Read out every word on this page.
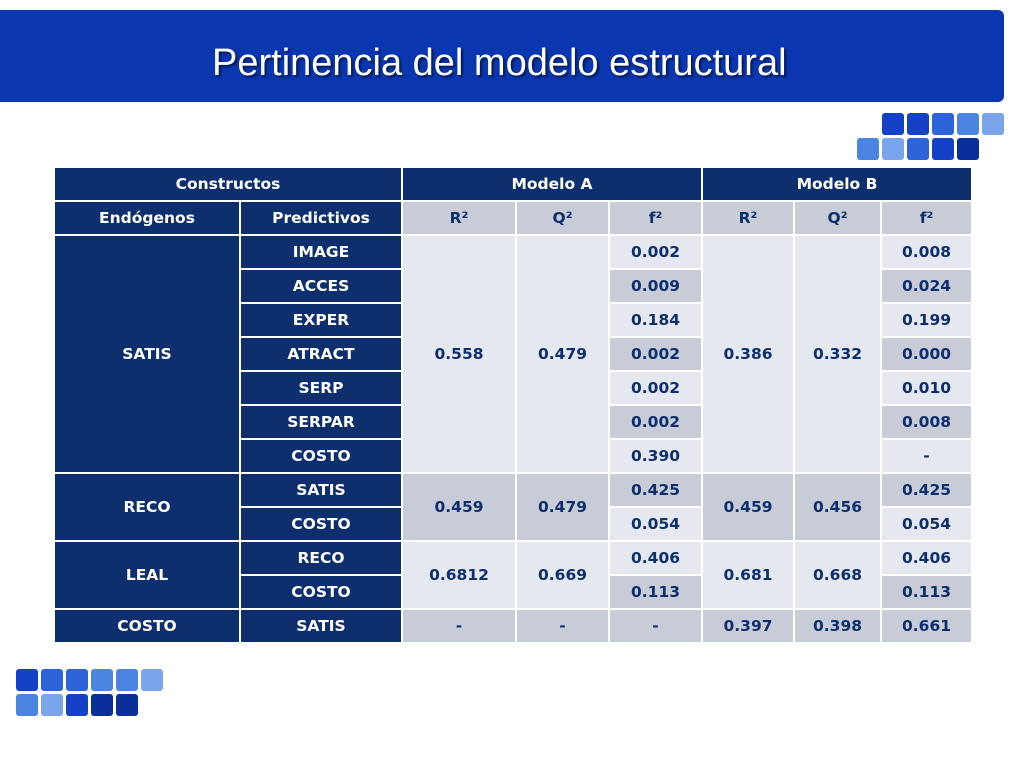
Pertinencia del modelo estructural
Constructos		Modelo A			Modelo B		
Endógenos	Predictivos	R²	Q²	f²	R²	Q²	f²
SATIS	IMAGE	0.558	0.479	0.002	0.386	0.332	0.008
	ACCES			0.009			0.024
	EXPER			0.184			0.199
	ATRACT			0.002			0.000
	SERP			0.002			0.010
	SERPAR			0.002			0.008
	COSTO			0.390			-
RECO	SATIS	0.459	0.479	0.425	0.459	0.456	0.425
	COSTO			0.054			0.054
LEAL	RECO	0.6812	0.669	0.406	0.681	0.668	0.406
	COSTO			0.113			0.113
COSTO	SATIS	-	-	-	0.397	0.398	0.661
